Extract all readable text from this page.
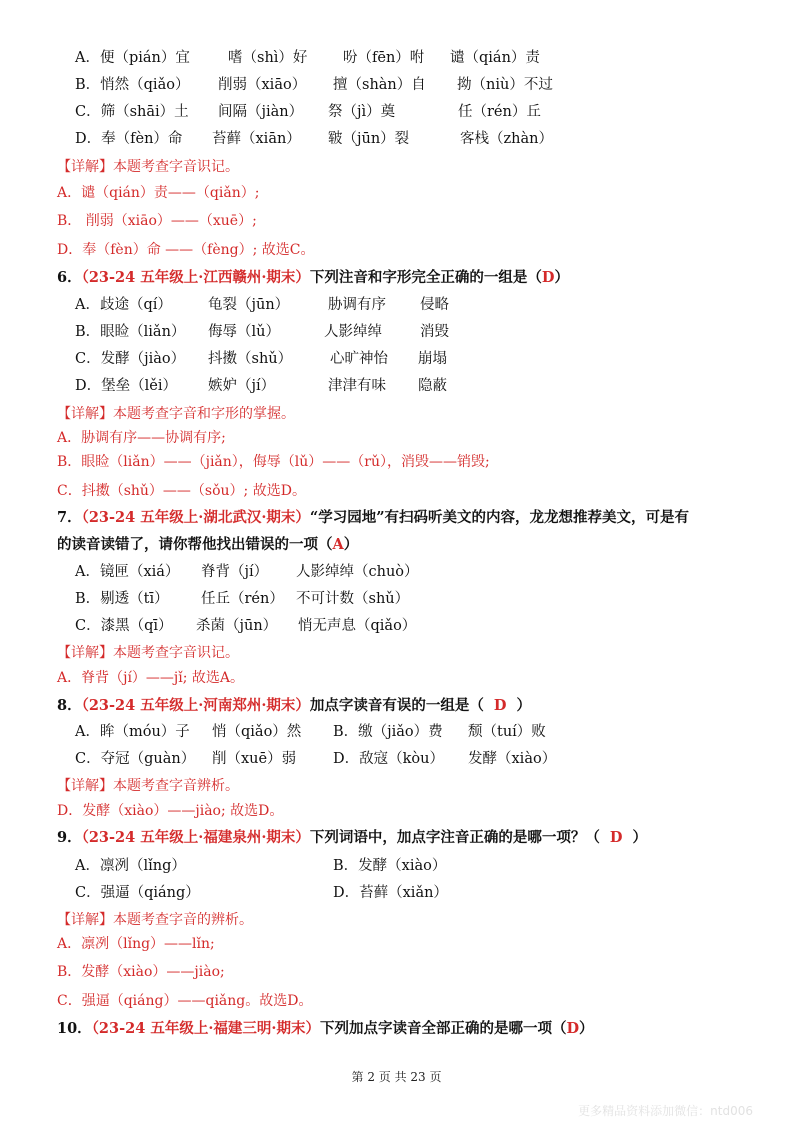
A．便（pián）宜	嗜（shì）好 吩（fēn）咐 谴（qián）责
B．悄然（qiǎo） 削弱（xiāo） 擅（shàn）自 拗（niù）不过
C．筛（shāi）土 间隔（jiàn） 祭（jì）奠	任（rén）丘
D．奉（fèn）命 苔藓（xiān） 皲（jūn）裂	客栈（zhàn）
【详解】本题考查字音识记。
A．谴（qián）责——（qiǎn）;
B． 削弱（xiāo）——（xuē）;
D．奉（fèn）命 ——（fèng）; 故选C。
6．（23-24 五年级上·江西赣州·期末）下列注音和字形完全正确的一组是（D）
A．歧途（qí） 龟裂（jūn）	胁调有序 侵略
B．眼睑（liǎn） 侮辱（lǔ）	人影绰绰	消毁
C．发酵（jiào） 抖擞（shǔ）	心旷神怡 崩塌
D．堡垒（lěi） 嫉妒（jí）	津津有味 隐蔽
【详解】本题考查字音和字形的掌握。
A．胁调有序——协调有序;
B．眼睑（liǎn）——（jiǎn），侮辱（lǔ）——（rǔ），消毁——销毁;
C．抖擞（shǔ）——（sǒu）; 故选D。
7．（23-24 五年级上·湖北武汉·期末）“学习园地”有扫码听美文的内容，龙龙想推荐美文，可是有
的读音读错了，请你帮他找出错误的一项（A）
A．镜匣（xiá） 脊背（jí） 人影绰绰（chuò）
B．剔透（tī） 任丘（rén） 不可计数（shǔ）
C．漆黑（qī） 杀菌（jūn） 悄无声息（qiǎo）
【详解】本题考查字音识记。
A．脊背（jí）——jǐ; 故选A。
8．（23-24 五年级上·河南郑州·期末）加点字读音有误的一组是（ D ）
A．眸（móu）子 悄（qiǎo）然 B．缴（jiǎo）费 颓（tuí）败
C．夺冠（guàn） 削（xuē）弱	D．敌寇（kòu） 发酵（xiào）
【详解】本题考查字音辨析。
D．发酵（xiào）——jiào; 故选D。
9．（23-24 五年级上·福建泉州·期末）下列词语中，加点字注音正确的是哪一项？（ D ）
A．凛冽（lǐng）	B．发酵（xiào）
C．强逼（qiáng）	D．苔藓（xiǎn）
【详解】本题考查字音的辨析。
A．凛冽（lǐng）——lǐn;
B．发酵（xiào）——jiào;
C．强逼（qiáng）——qiǎng。故选D。
10．（23-24 五年级上·福建三明·期末）下列加点字读音全部正确的是哪一项（D）
第 2 页 共 23 页
更多精品资料添加微信：ntd006
